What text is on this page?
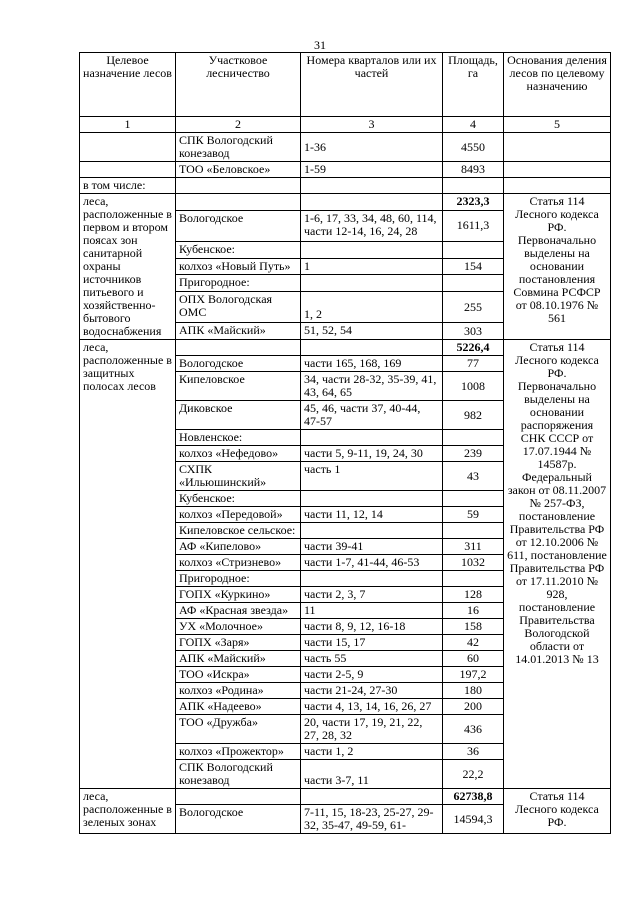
31
Целевое назначение лесов	Участковое лесничество	Номера кварталов или их частей	Площадь, га	Основания деления лесов по целевому назначению
1	2	3	4	5
	СПК Вологодский конезавод	1-36	4550	
	ТОО «Беловское»	1-59	8493	
в том числе:				
леса, расположенные в первом и втором поясах зон санитарной охраны источников питьевого и хозяйственно-бытового водоснабжения			2323,3	Статья 114 Лесного кодекса РФ. Первоначально выделены на основании постановления Совмина РСФСР от 08.10.1976 № 561
	Вологодское	1-6, 17, 33, 34, 48, 60, 114, части 12-14, 16, 24, 28	1611,3	
	Кубенское:			
	колхоз «Новый Путь»	1	154	
	Пригородное:			
	ОПХ Вологодская ОМС	1, 2	255	
	АПК «Майский»	51, 52, 54	303	
леса, расположенные в защитных полосах лесов			5226,4	Статья 114 Лесного кодекса РФ. Первоначально выделены на основании распоряжения СНК СССР от 17.07.1944 № 14587р. Федеральный закон от 08.11.2007 № 257-ФЗ, постановление Правительства РФ от 12.10.2006 № 611, постановление Правительства РФ от 17.11.2010 № 928, постановление Правительства Вологодской области от 14.01.2013 № 13
	Вологодское	части 165, 168, 169	77	
	Кипеловское	34, части 28-32, 35-39, 41, 43, 64, 65	1008	
	Диковское	45, 46, части 37, 40-44, 47-57	982	
	Новленское:			
	колхоз «Нефедово»	части 5, 9-11, 19, 24, 30	239	
	СХПК «Ильюшинский»	часть 1	43	
	Кубенское:			
	колхоз «Передовой»	части 11, 12, 14	59	
	Кипеловское сельское:			
	АФ «Кипелово»	части 39-41	311	
	колхоз «Стризнево»	части 1-7, 41-44, 46-53	1032	
	Пригородное:			
	ГОПХ «Куркино»	части 2, 3, 7	128	
	АФ «Красная звезда»	11	16	
	УХ «Молочное»	части 8, 9, 12, 16-18	158	
	ГОПХ «Заря»	части 15, 17	42	
	АПК «Майский»	часть 55	60	
	ТОО «Искра»	части 2-5, 9	197,2	
	колхоз «Родина»	части 21-24, 27-30	180	
	АПК «Надеево»	части 4, 13, 14, 16, 26, 27	200	
	ТОО «Дружба»	20, части 17, 19, 21, 22, 27, 28, 32	436	
	колхоз «Прожектор»	части 1, 2	36	
	СПК Вологодский конезавод	части 3-7, 11	22,2	
леса, расположенные в зеленых зонах			62738,8	Статья 114 Лесного кодекса РФ.
	Вологодское	7-11, 15, 18-23, 25-27, 29-32, 35-47, 49-59, 61-	14594,3	
